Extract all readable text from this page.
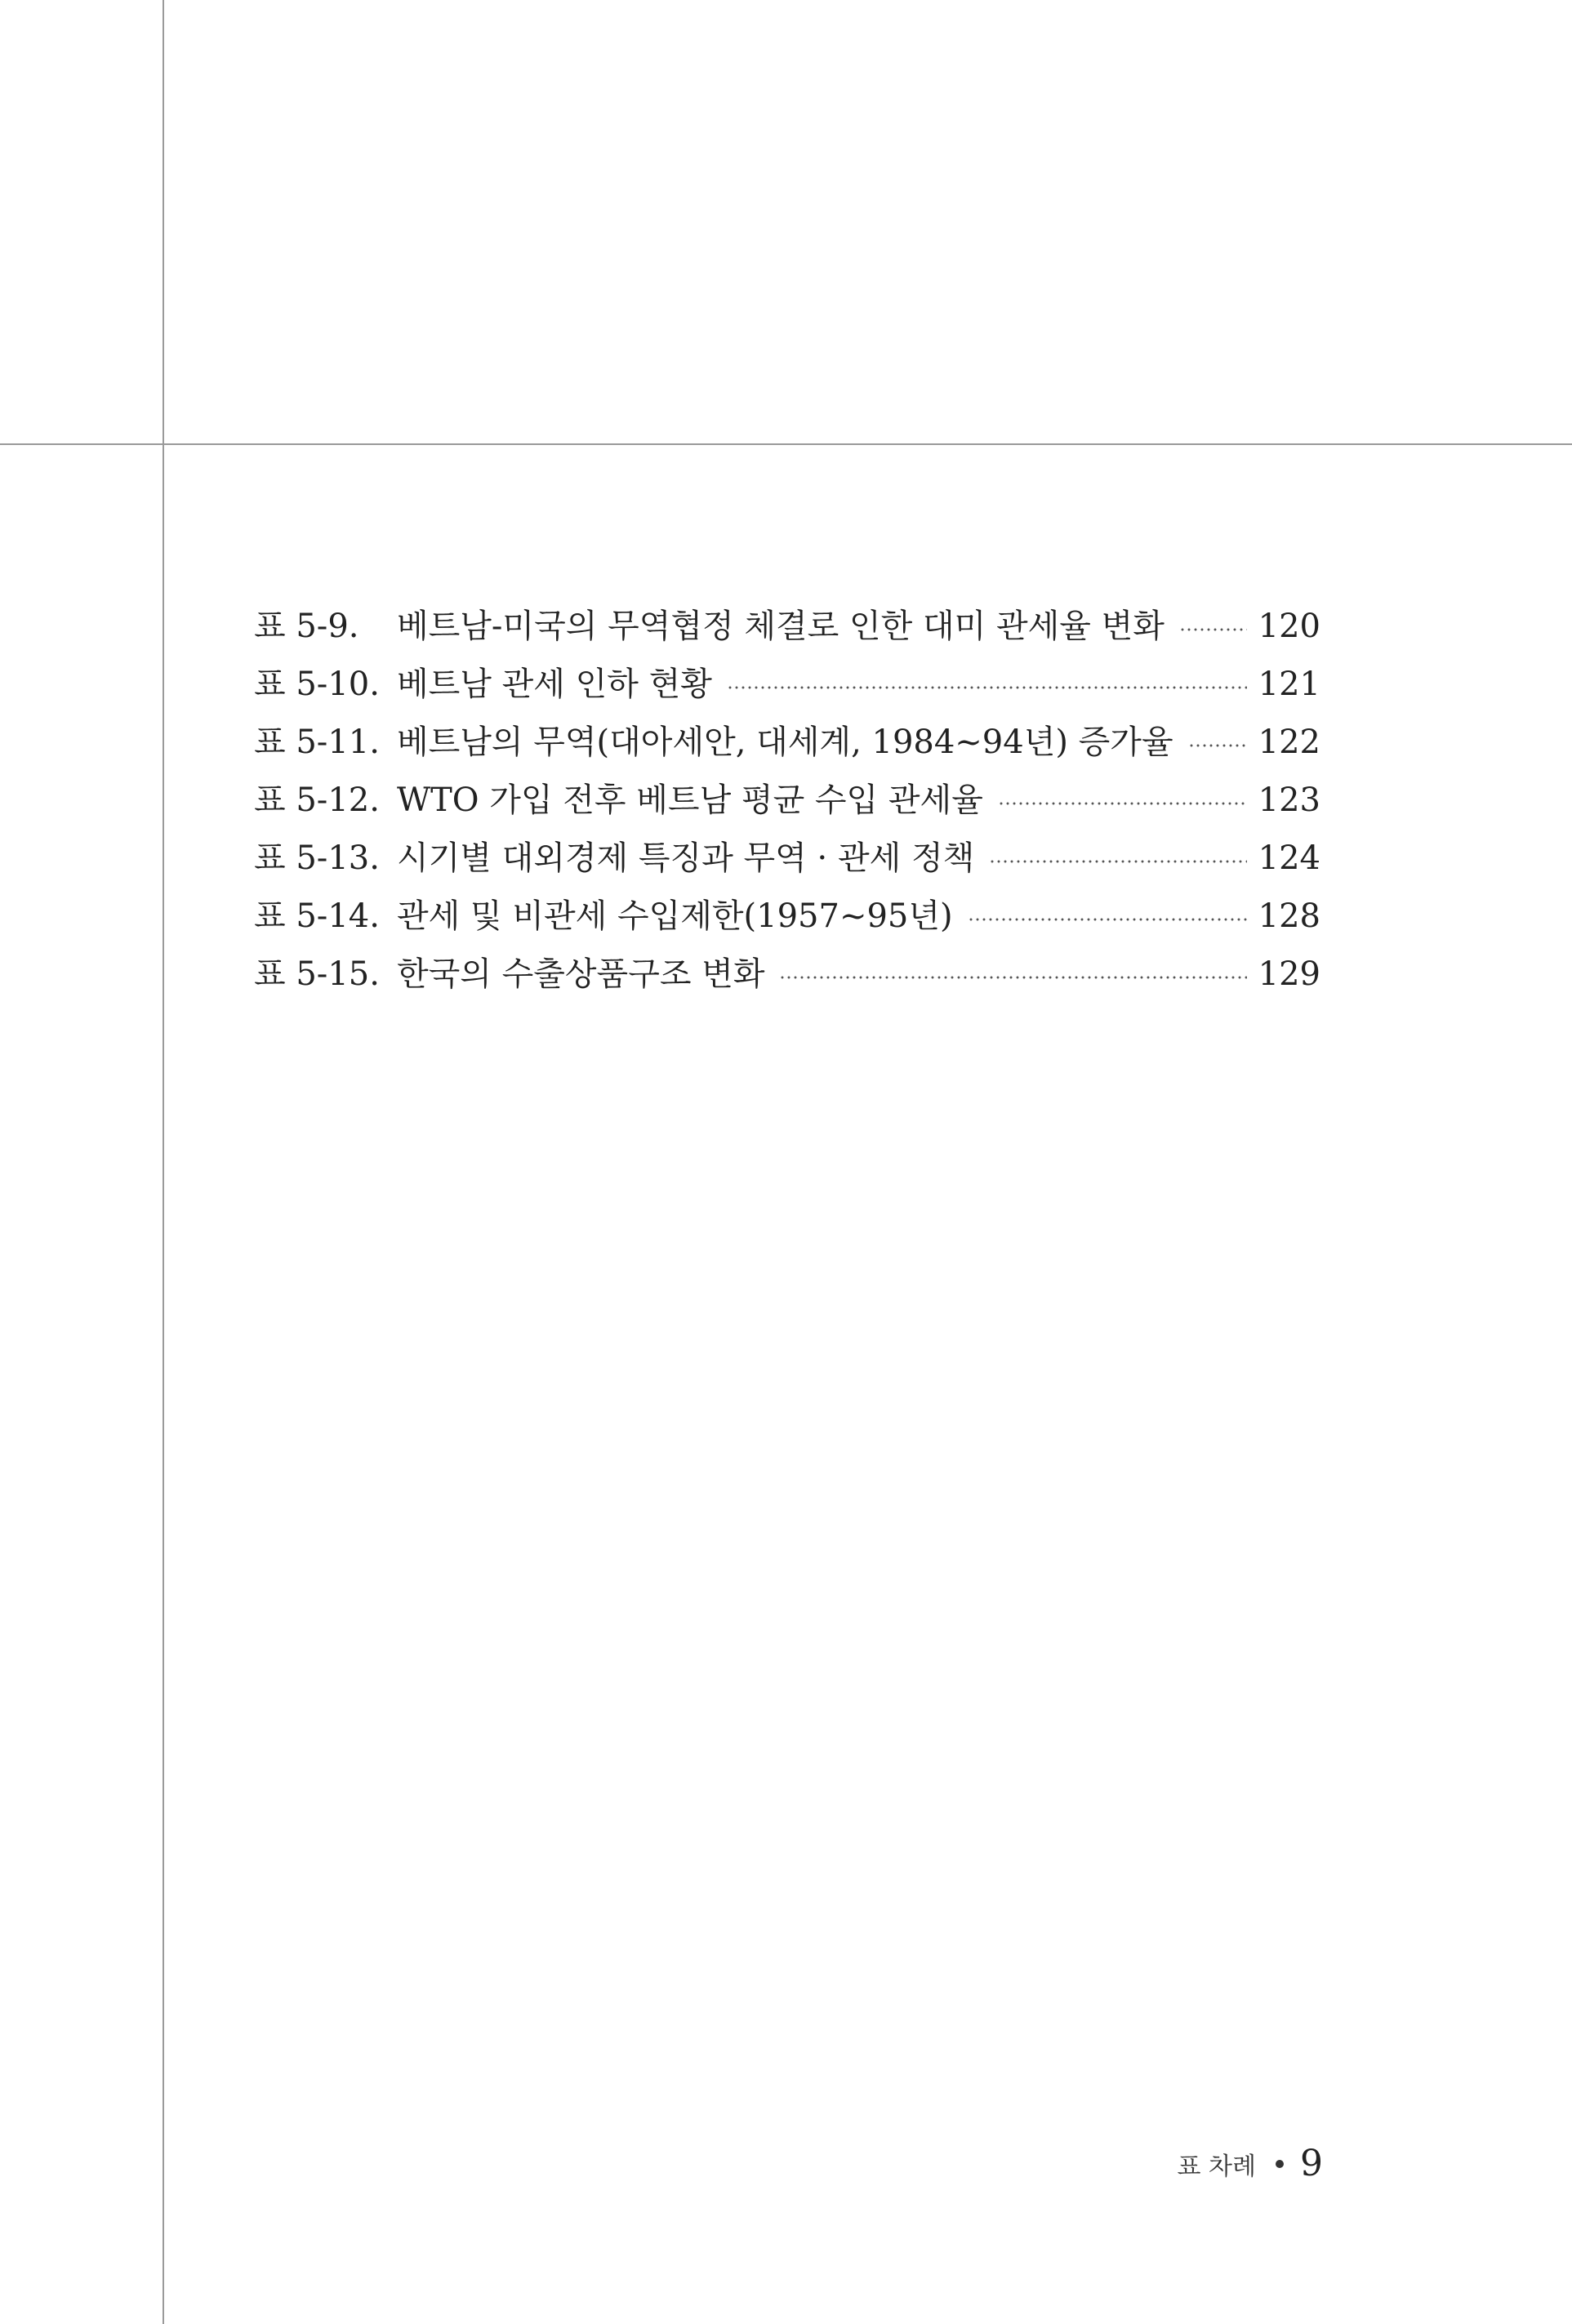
표 5-9. 베트남-미국의 무역협정 체결로 인한 대미 관세율 변화	120
표 5-10. 베트남 관세 인하 현황	121
표 5-11. 베트남의 무역(대아세안, 대세계, 1984~94년) 증가율	122
표 5-12. WTO 가입 전후 베트남 평균 수입 관세율	123
표 5-13. 시기별 대외경제 특징과 무역 · 관세 정책	124
표 5-14. 관세 및 비관세 수입제한(1957~95년)	128
표 5-15. 한국의 수출상품구조 변화	129
표 차례 9
